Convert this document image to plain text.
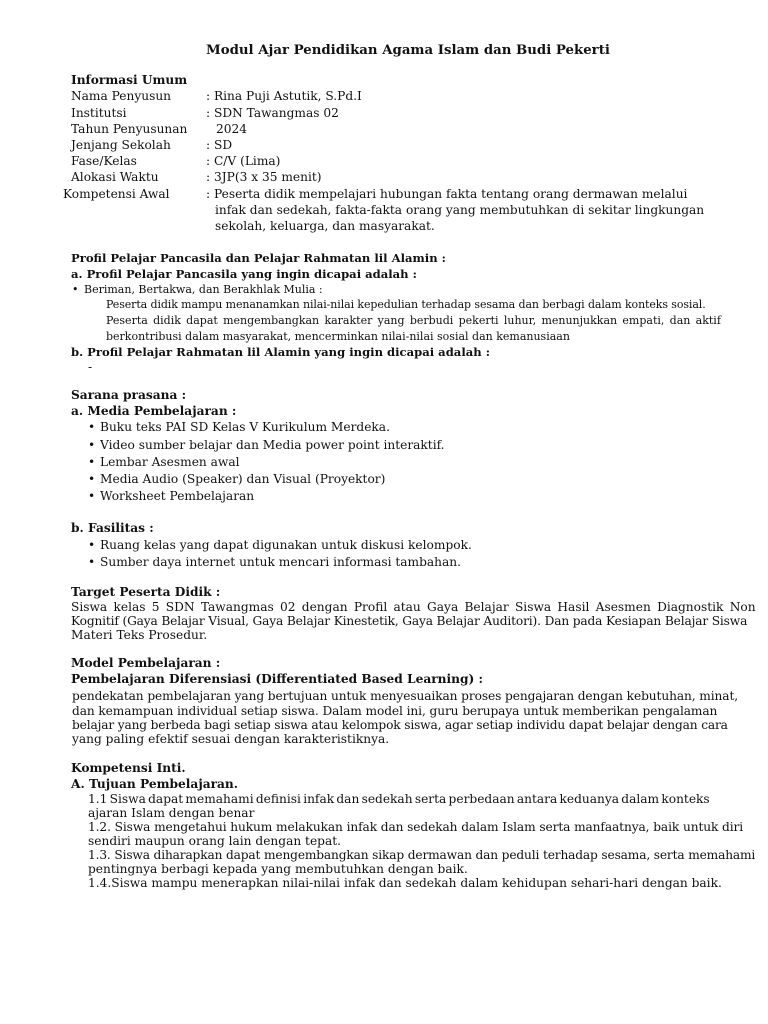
Modul Ajar Pendidikan Agama Islam dan Budi Pekerti
Informasi Umum
Nama Penyusun	: Rina Puji Astutik, S.Pd.I
Institutsi	: SDN Tawangmas 02
Tahun Penyusunan 2024
Jenjang Sekolah	: SD
Fase/Kelas	: C/V (Lima)
Alokasi Waktu	: 3JP(3 x 35 menit)
Kompetensi Awal	: Peserta didik mempelajari hubungan fakta tentang orang dermawan melalui
infak dan sedekah, fakta-fakta orang yang membutuhkan di sekitar lingkungan
sekolah, keluarga, dan masyarakat.
Profil Pelajar Pancasila dan Pelajar Rahmatan lil Alamin :
a. Profil Pelajar Pancasila yang ingin dicapai adalah :
• Beriman, Bertakwa, dan Berakhlak Mulia :
Peserta didik mampu menanamkan nilai-nilai kepedulian terhadap sesama dan berbagi dalam konteks sosial.
Peserta didik dapat mengembangkan karakter yang berbudi pekerti luhur, menunjukkan empati, dan aktif
berkontribusi dalam masyarakat, mencerminkan nilai-nilai sosial dan kemanusiaan
b. Profil Pelajar Rahmatan lil Alamin yang ingin dicapai adalah :
-
Sarana prasana :
a. Media Pembelajaran :
• Buku teks PAI SD Kelas V Kurikulum Merdeka.
• Video sumber belajar dan Media power point interaktif.
• Lembar Asesmen awal
• Media Audio (Speaker) dan Visual (Proyektor)
• Worksheet Pembelajaran
b. Fasilitas :
• Ruang kelas yang dapat digunakan untuk diskusi kelompok.
• Sumber daya internet untuk mencari informasi tambahan.
Target Peserta Didik :
Siswa kelas 5 SDN Tawangmas 02 dengan Profil atau Gaya Belajar Siswa Hasil Asesmen Diagnostik Non
Kognitif (Gaya Belajar Visual, Gaya Belajar Kinestetik, Gaya Belajar Auditori). Dan pada Kesiapan Belajar Siswa
Materi Teks Prosedur.
Model Pembelajaran :
Pembelajaran Diferensiasi (Differentiated Based Learning) :
pendekatan pembelajaran yang bertujuan untuk menyesuaikan proses pengajaran dengan kebutuhan, minat,
dan kemampuan individual setiap siswa. Dalam model ini, guru berupaya untuk memberikan pengalaman
belajar yang berbeda bagi setiap siswa atau kelompok siswa, agar setiap individu dapat belajar dengan cara
yang paling efektif sesuai dengan karakteristiknya.
Kompetensi Inti.
A. Tujuan Pembelajaran.
1.1 Siswa dapat memahami definisi infak dan sedekah serta perbedaan antara keduanya dalam konteks
ajaran Islam dengan benar
1.2. Siswa mengetahui hukum melakukan infak dan sedekah dalam Islam serta manfaatnya, baik untuk diri
sendiri maupun orang lain dengan tepat.
1.3. Siswa diharapkan dapat mengembangkan sikap dermawan dan peduli terhadap sesama, serta memahami
pentingnya berbagi kepada yang membutuhkan dengan baik.
1.4.Siswa mampu menerapkan nilai-nilai infak dan sedekah dalam kehidupan sehari-hari dengan baik.
